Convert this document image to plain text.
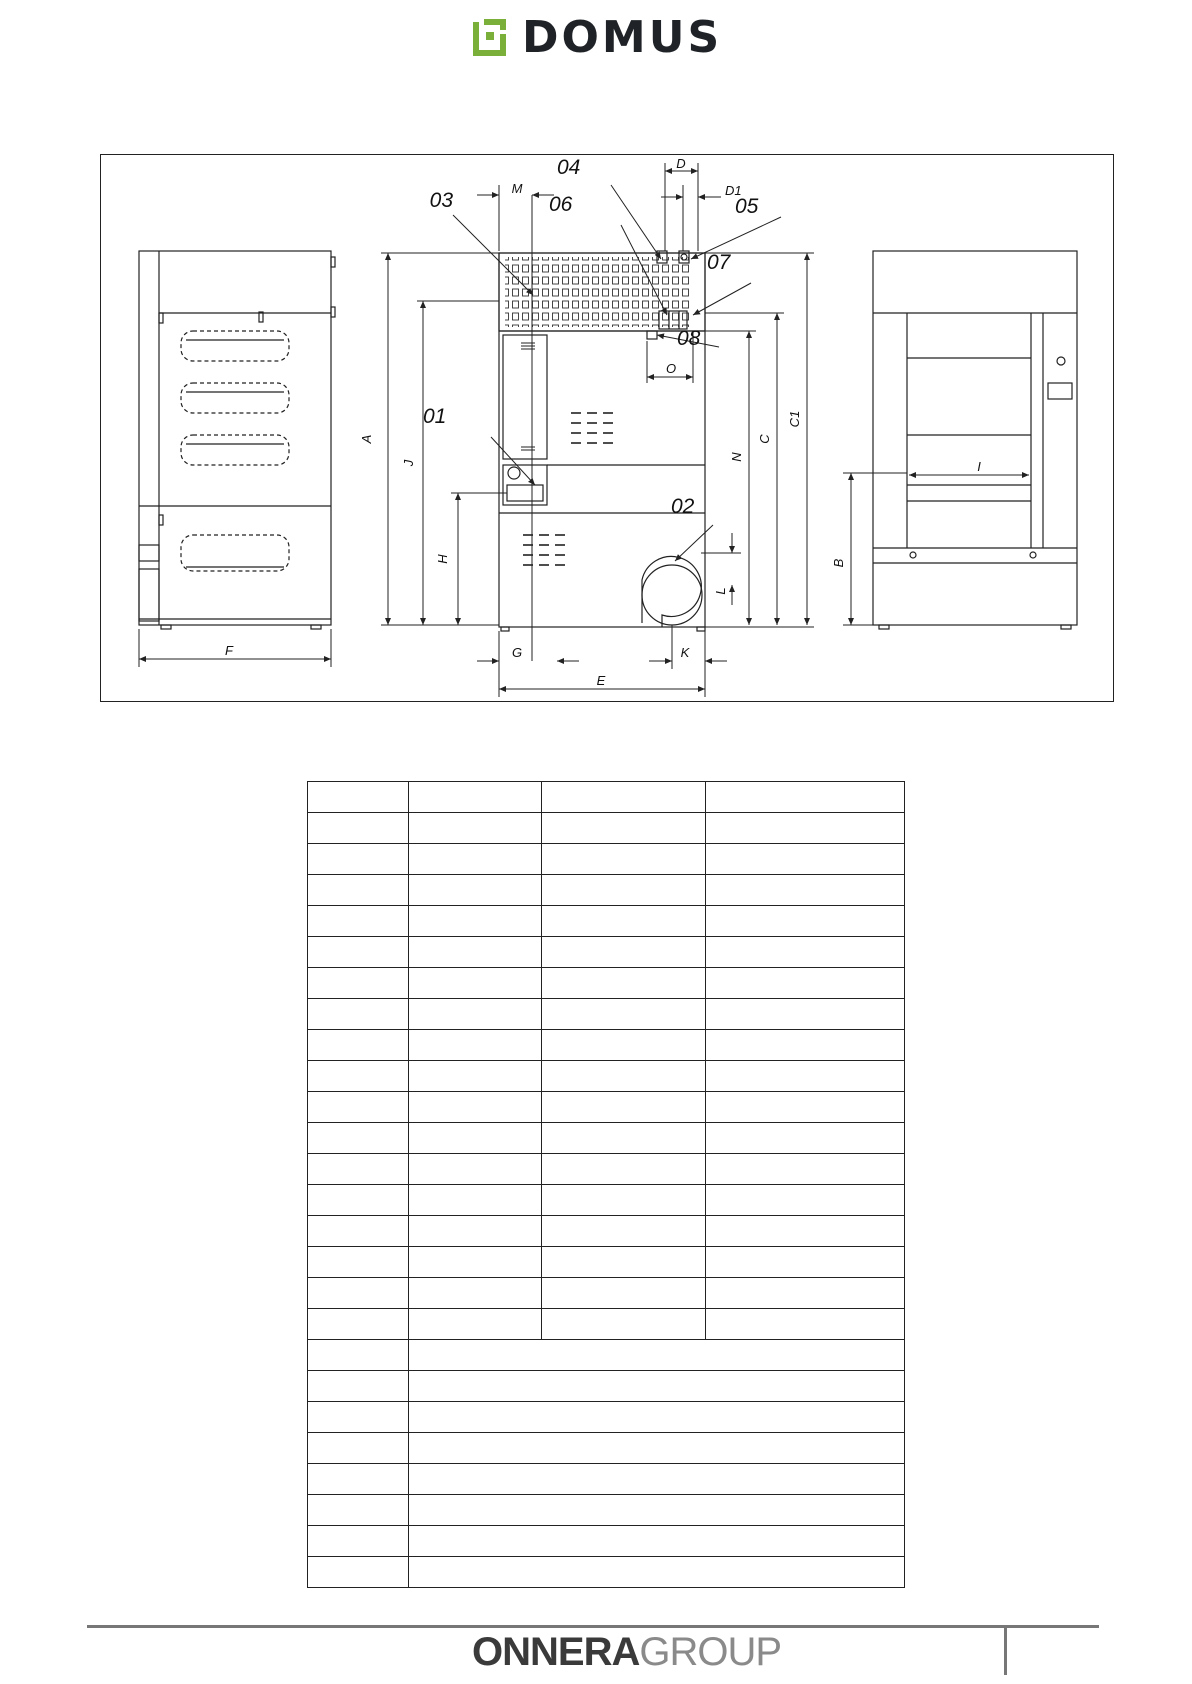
DOMUS
03
04
06	05
07
08
01
02
F
A
J
H
G
E
K
L
M
D
D1
O
N
C
C1
B
I

ONNERAGROUP
